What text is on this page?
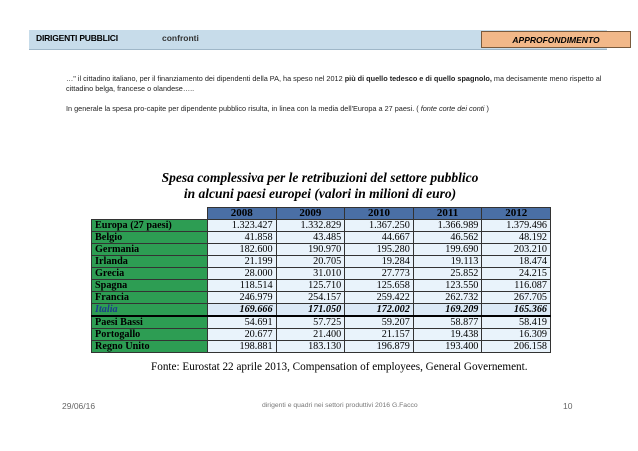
DIRIGENTI PUBBLICI	confronti	APPROFONDIMENTO
…" il cittadino italiano, per il finanziamento dei dipendenti della PA, ha speso nel 2012 più di quello tedesco e di quello spagnolo, ma decisamente meno rispetto al cittadino belga, francese o olandese…..
In generale la spesa pro-capite per dipendente pubblico risulta, in linea con la media dell'Europa a 27 paesi. ( fonte corte dei conti )
Spesa complessiva per le retribuzioni del settore pubblico
in alcuni paesi europei (valori in milioni di euro)
	2008	2009	2010	2011	2012
Europa (27 paesi)	1.323.427	1.332.829	1.367.250	1.366.989	1.379.496
Belgio	41.858	43.485	44.667	46.562	48.192
Germania	182.600	190.970	195.280	199.690	203.210
Irlanda	21.199	20.705	19.284	19.113	18.474
Grecia	28.000	31.010	27.773	25.852	24.215
Spagna	118.514	125.710	125.658	123.550	116.087
Francia	246.979	254.157	259.422	262.732	267.705
Italia	169.666	171.050	172.002	169.209	165.366
Paesi Bassi	54.691	57.725	59.207	58.877	58.419
Portogallo	20.677	21.400	21.157	19.438	16.309
Regno Unito	198.881	183.130	196.879	193.400	206.158
Fonte: Eurostat 22 aprile 2013, Compensation of employees, General Governement.
29/06/16	dirigenti e quadri nei settori produttivi 2016 G.Facco	10
